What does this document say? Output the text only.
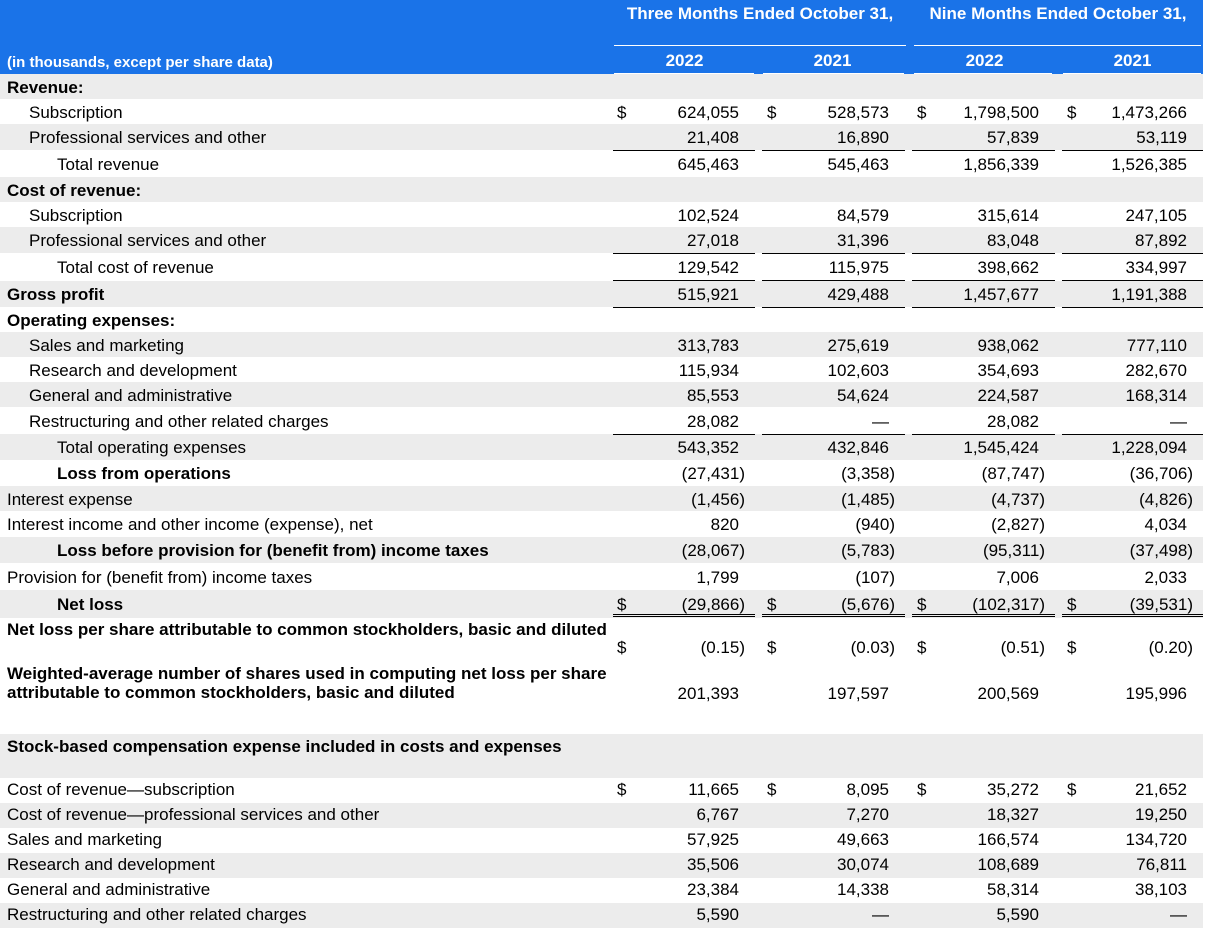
Three Months Ended October 31,	Nine Months Ended October 31,
(in thousands, except per share data)	2022	2021	2022	2021
Revenue:
Subscription	$	624,055 $	528,573 $ 1,798,500 $ 1,473,266
Professional services and other	21,408	16,890	57,839	53,119
Total revenue	645,463	545,463	1,856,339	1,526,385
Cost of revenue:
Subscription	102,524	84,579	315,614	247,105
Professional services and other	27,018	31,396	83,048	87,892
Total cost of revenue	129,542	115,975	398,662	334,997
Gross profit	515,921	429,488	1,457,677	1,191,388
Operating expenses:
Sales and marketing	313,783	275,619	938,062	777,110
Research and development	115,934	102,603	354,693	282,670
General and administrative	85,553	54,624	224,587	168,314
Restructuring and other related charges	28,082	—	28,082	—
Total operating expenses	543,352	432,846	1,545,424	1,228,094
Loss from operations	(27,431)	(3,358)	(87,747)	(36,706)
Interest expense	(1,456)	(1,485)	(4,737)	(4,826)
Interest income and other income (expense), net	820	(940)	(2,827)	4,034
Loss before provision for (benefit from) income taxes	(28,067)	(5,783)	(95,311)	(37,498)
Provision for (benefit from) income taxes	1,799	(107)	7,006	2,033
Net loss	$	(29,866) $	(5,676) $	(102,317) $	(39,531)
Net loss per share attributable to common stockholders, basic and diluted
$	(0.15) $	(0.03) $	(0.51) $	(0.20)
Weighted-average number of shares used in computing net loss per share attributable to common stockholders, basic and diluted	201,393	197,597	200,569	195,996
Stock-based compensation expense included in costs and expenses
Cost of revenue—subscription	$	11,665 $	8,095 $	35,272 $	21,652
Cost of revenue—professional services and other	6,767	7,270	18,327	19,250
Sales and marketing	57,925	49,663	166,574	134,720
Research and development	35,506	30,074	108,689	76,811
General and administrative	23,384	14,338	58,314	38,103
Restructuring and other related charges	5,590	—	5,590	—
